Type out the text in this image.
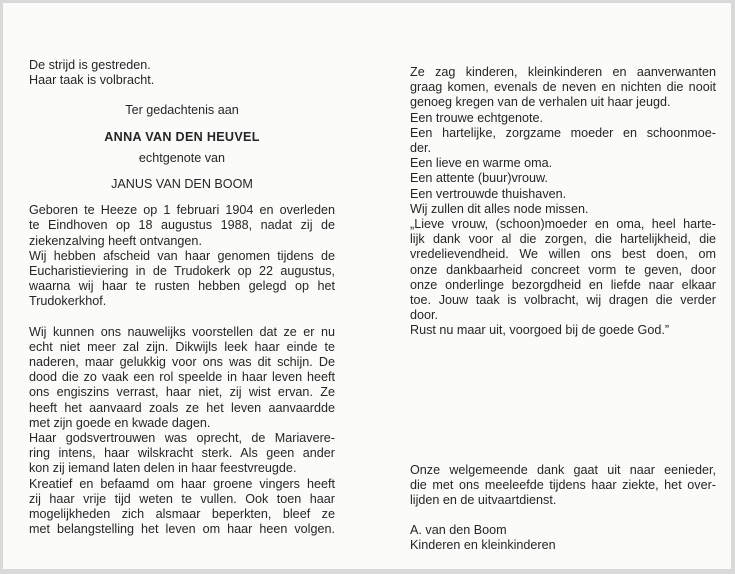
De strijd is gestreden.
Haar taak is volbracht.
Ter gedachtenis aan
ANNA VAN DEN HEUVEL
echtgenote van
JANUS VAN DEN BOOM
Geboren te Heeze op 1 februari 1904 en overleden
te Eindhoven op 18 augustus 1988, nadat zij de
ziekenzalving heeft ontvangen.
Wij hebben afscheid van haar genomen tijdens de
Eucharistieviering in de Trudokerk op 22 augustus,
waarna wij haar te rusten hebben gelegd op het
Trudokerkhof.
Wij kunnen ons nauwelijks voorstellen dat ze er nu
echt niet meer zal zijn. Dikwijls leek haar einde te
naderen, maar gelukkig voor ons was dit schijn. De
dood die zo vaak een rol speelde in haar leven heeft
ons engiszins verrast, haar niet, zij wist ervan. Ze
heeft het aanvaard zoals ze het leven aanvaardde
met zijn goede en kwade dagen.
Haar godsvertrouwen was oprecht, de Mariavere-
ring intens, haar wilskracht sterk. Als geen ander
kon zij iemand laten delen in haar feestvreugde.
Kreatief en befaamd om haar groene vingers heeft
zij haar vrije tijd weten te vullen. Ook toen haar
mogelijkheden zich alsmaar beperkten, bleef ze
met belangstelling het leven om haar heen volgen.
Ze zag kinderen, kleinkinderen en aanverwanten
graag komen, evenals de neven en nichten die nooit
genoeg kregen van de verhalen uit haar jeugd.
Een trouwe echtgenote.
Een hartelijke, zorgzame moeder en schoonmoe-
der.
Een lieve en warme oma.
Een attente (buur)vrouw.
Een vertrouwde thuishaven.
Wij zullen dit alles node missen.
„Lieve vrouw, (schoon)moeder en oma, heel harte-
lijk dank voor al die zorgen, die hartelijkheid, die
vredelievendheid. We willen ons best doen, om
onze dankbaarheid concreet vorm te geven, door
onze onderlinge bezorgdheid en liefde naar elkaar
toe. Jouw taak is volbracht, wij dragen die verder
door.
Rust nu maar uit, voorgoed bij de goede God.”
Onze welgemeende dank gaat uit naar eenieder,
die met ons meeleefde tijdens haar ziekte, het over-
lijden en de uitvaartdienst.
A. van den Boom
Kinderen en kleinkinderen
